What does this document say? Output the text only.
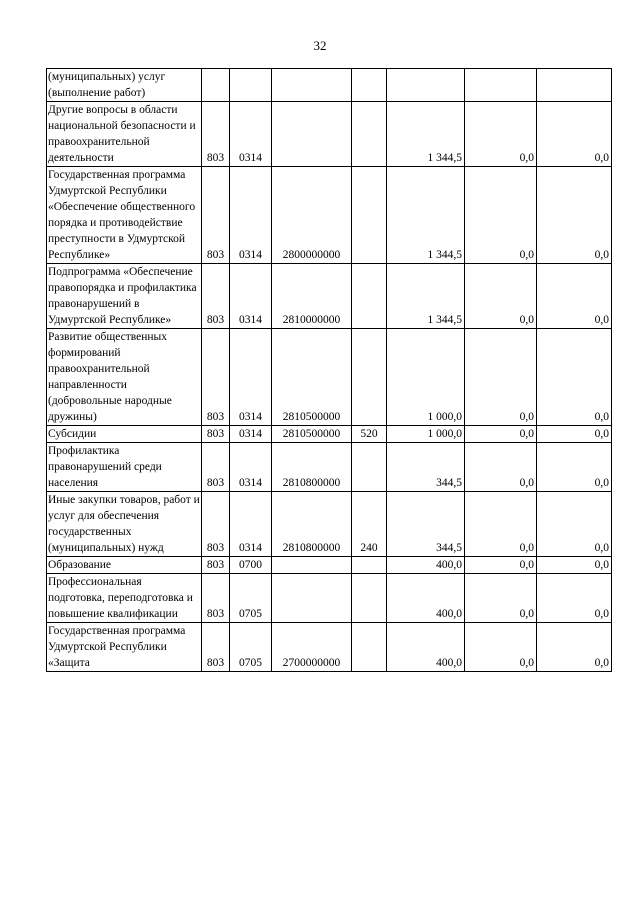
32
(муниципальных) услуг (выполнение работ)							
Другие вопросы в области национальной безопасности и правоохранительной деятельности	803	0314			1 344,5	0,0	0,0
Государственная программа Удмуртской Республики «Обеспечение общественного порядка и противодействие преступности в Удмуртской Республике»	803	0314	2800000000		1 344,5	0,0	0,0
Подпрограмма «Обеспечение правопорядка и профилактика правонарушений в Удмуртской Республике»	803	0314	2810000000		1 344,5	0,0	0,0
Развитие общественных формирований правоохранительной направленности (добровольные народные дружины)	803	0314	2810500000		1 000,0	0,0	0,0
Субсидии	803	0314	2810500000	520	1 000,0	0,0	0,0
Профилактика правонарушений среди населения	803	0314	2810800000		344,5	0,0	0,0
Иные закупки товаров, работ и услуг для обеспечения государственных (муниципальных) нужд	803	0314	2810800000	240	344,5	0,0	0,0
Образование	803	0700			400,0	0,0	0,0
Профессиональная подготовка, переподготовка и повышение квалификации	803	0705			400,0	0,0	0,0
Государственная программа Удмуртской Республики «Защита	803	0705	2700000000		400,0	0,0	0,0
